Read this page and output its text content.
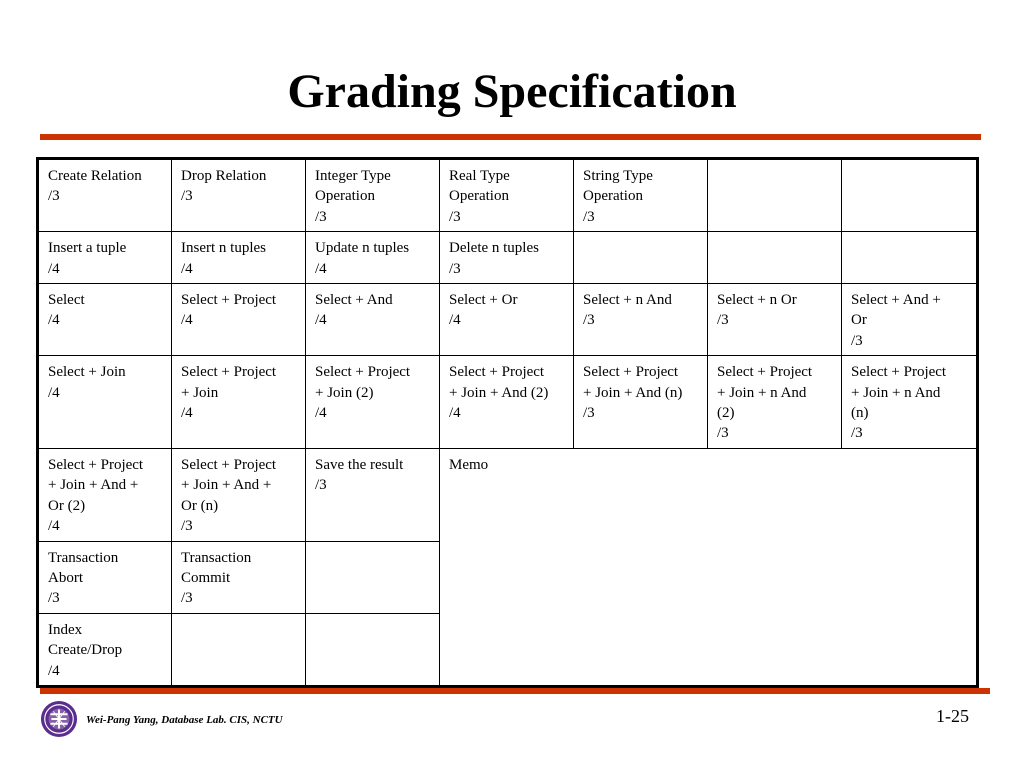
Grading Specification
Create Relation
/3	Drop Relation
/3	Integer Type
Operation
/3	Real Type
Operation
/3	String Type
Operation
/3		

Insert a tuple
/4	Insert n tuples
/4	Update n tuples
/4	Delete n tuples
/3			

Select
/4	Select + Project
/4	Select + And
/4	Select + Or
/4	Select + n And
/3	Select + n Or
/3	Select + And +
Or
/3

Select + Join
/4	Select + Project
+ Join
/4	Select + Project
+ Join (2)
/4	Select + Project
+ Join + And (2)
/4	Select + Project
+ Join + And (n)
/3	Select + Project
+ Join + n And
(2)
/3	Select + Project
+ Join + n And
(n)
/3

Select + Project
+ Join + And +
Or (2)
/4	Select + Project
+ Join + And +
Or (n)
/3	Save the result
/3	Memo			

Transaction
Abort
/3	Transaction
Commit
/3					

Index
Create/Drop
/4						

Wei-Pang Yang, Database Lab. CIS, NCTU	1-25
